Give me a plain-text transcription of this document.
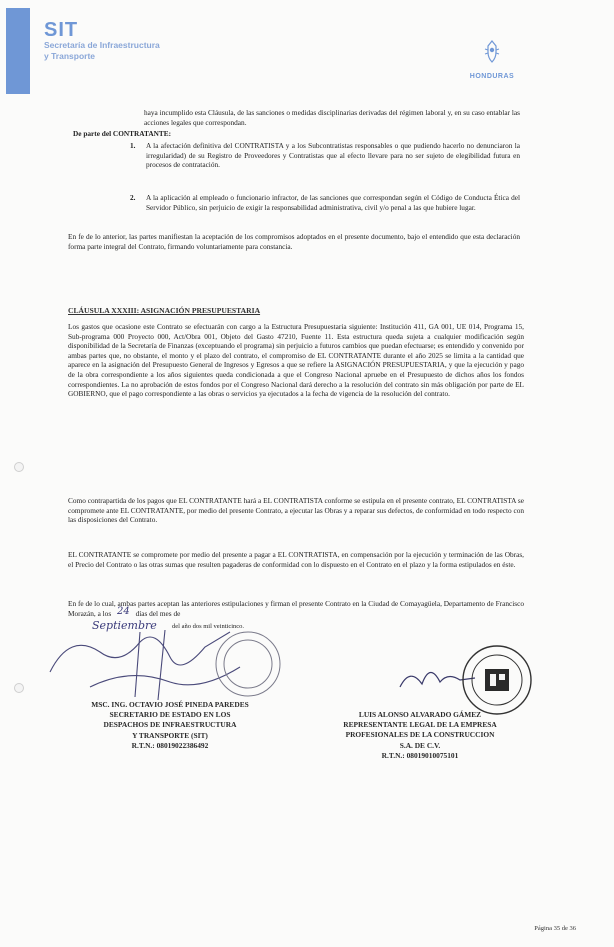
SIT
Secretaría de Infraestructura
y Transporte
HONDURAS
haya incumplido esta Cláusula, de las sanciones o medidas disciplinarias derivadas del régimen laboral y, en su caso entablar las acciones legales que correspondan.
De parte del CONTRATANTE:
1. A la afectación definitiva del CONTRATISTA y a los Subcontratistas responsables o que pudiendo hacerlo no denunciaron la irregularidad) de su Registro de Proveedores y Contratistas que al efecto llevare para no ser sujeto de elegibilidad futura en procesos de contratación.
2. A la aplicación al empleado o funcionario infractor, de las sanciones que correspondan según el Código de Conducta Ética del Servidor Público, sin perjuicio de exigir la responsabilidad administrativa, civil y/o penal a las que hubiere lugar.
En fe de lo anterior, las partes manifiestan la aceptación de los compromisos adoptados en el presente documento, bajo el entendido que esta declaración forma parte integral del Contrato, firmando voluntariamente para constancia.
CLÁUSULA XXXIII: ASIGNACIÓN PRESUPUESTARIA
Los gastos que ocasione este Contrato se efectuarán con cargo a la Estructura Presupuestaria siguiente: Institución 411, GA 001, UE 014, Programa 15, Sub-programa 000 Proyecto 000, Act/Obra 001, Objeto del Gasto 47210, Fuente 11. Esta estructura queda sujeta a cualquier modificación según disponibilidad de la Secretaría de Finanzas (exceptuando el programa) sin perjuicio a futuros cambios que puedan efectuarse; es entendido y convenido por ambas partes que, no obstante, el monto y el plazo del contrato, el compromiso de EL CONTRATANTE durante el año 2025 se limita a la cantidad que aparece en la asignación del Presupuesto General de Ingresos y Egresos a que se refiere la ASIGNACIÓN PRESUPUESTARIA, y que la ejecución y pago de la obra correspondiente a los años siguientes queda condicionada a que el Congreso Nacional apruebe en el Presupuesto de dichos años los fondos correspondientes. La no aprobación de estos fondos por el Congreso Nacional dará derecho a la resolución del contrato sin más obligación por parte de EL GOBIERNO, que el pago correspondiente a las obras o servicios ya ejecutados a la fecha de vigencia de la resolución del contrato.
Como contrapartida de los pagos que EL CONTRATANTE hará a EL CONTRATISTA conforme se estipula en el presente contrato, EL CONTRATISTA se compromete ante EL CONTRATANTE, por medio del presente Contrato, a ejecutar las Obras y a reparar sus defectos, de conformidad en todo respecto con las disposiciones del Contrato.
EL CONTRATANTE se compromete por medio del presente a pagar a EL CONTRATISTA, en compensación por la ejecución y terminación de las Obras, el Precio del Contrato o las otras sumas que resulten pagaderas de conformidad con lo dispuesto en el Contrato en el plazo y la forma estipulados en éste.
En fe de lo cual, ambas partes aceptan las anteriores estipulaciones y firman el presente Contrato en la Ciudad de Comayagüela, Departamento de Francisco Morazán, a los 24 días del mes de
Septiembre del año dos mil veinticinco.
MSC. ING. OCTAVIO JOSÉ PINEDA PAREDES
SECRETARIO DE ESTADO EN LOS
DESPACHOS DE INFRAESTRUCTURA
Y TRANSPORTE (SIT)
R.T.N.: 08019022386492
LUIS ALONSO ALVARADO GÁMEZ
REPRESENTANTE LEGAL DE LA EMPRESA
PROFESIONALES DE LA CONSTRUCCION
S.A. DE C.V.
R.T.N.: 08019010075101
Página 35 de 36
